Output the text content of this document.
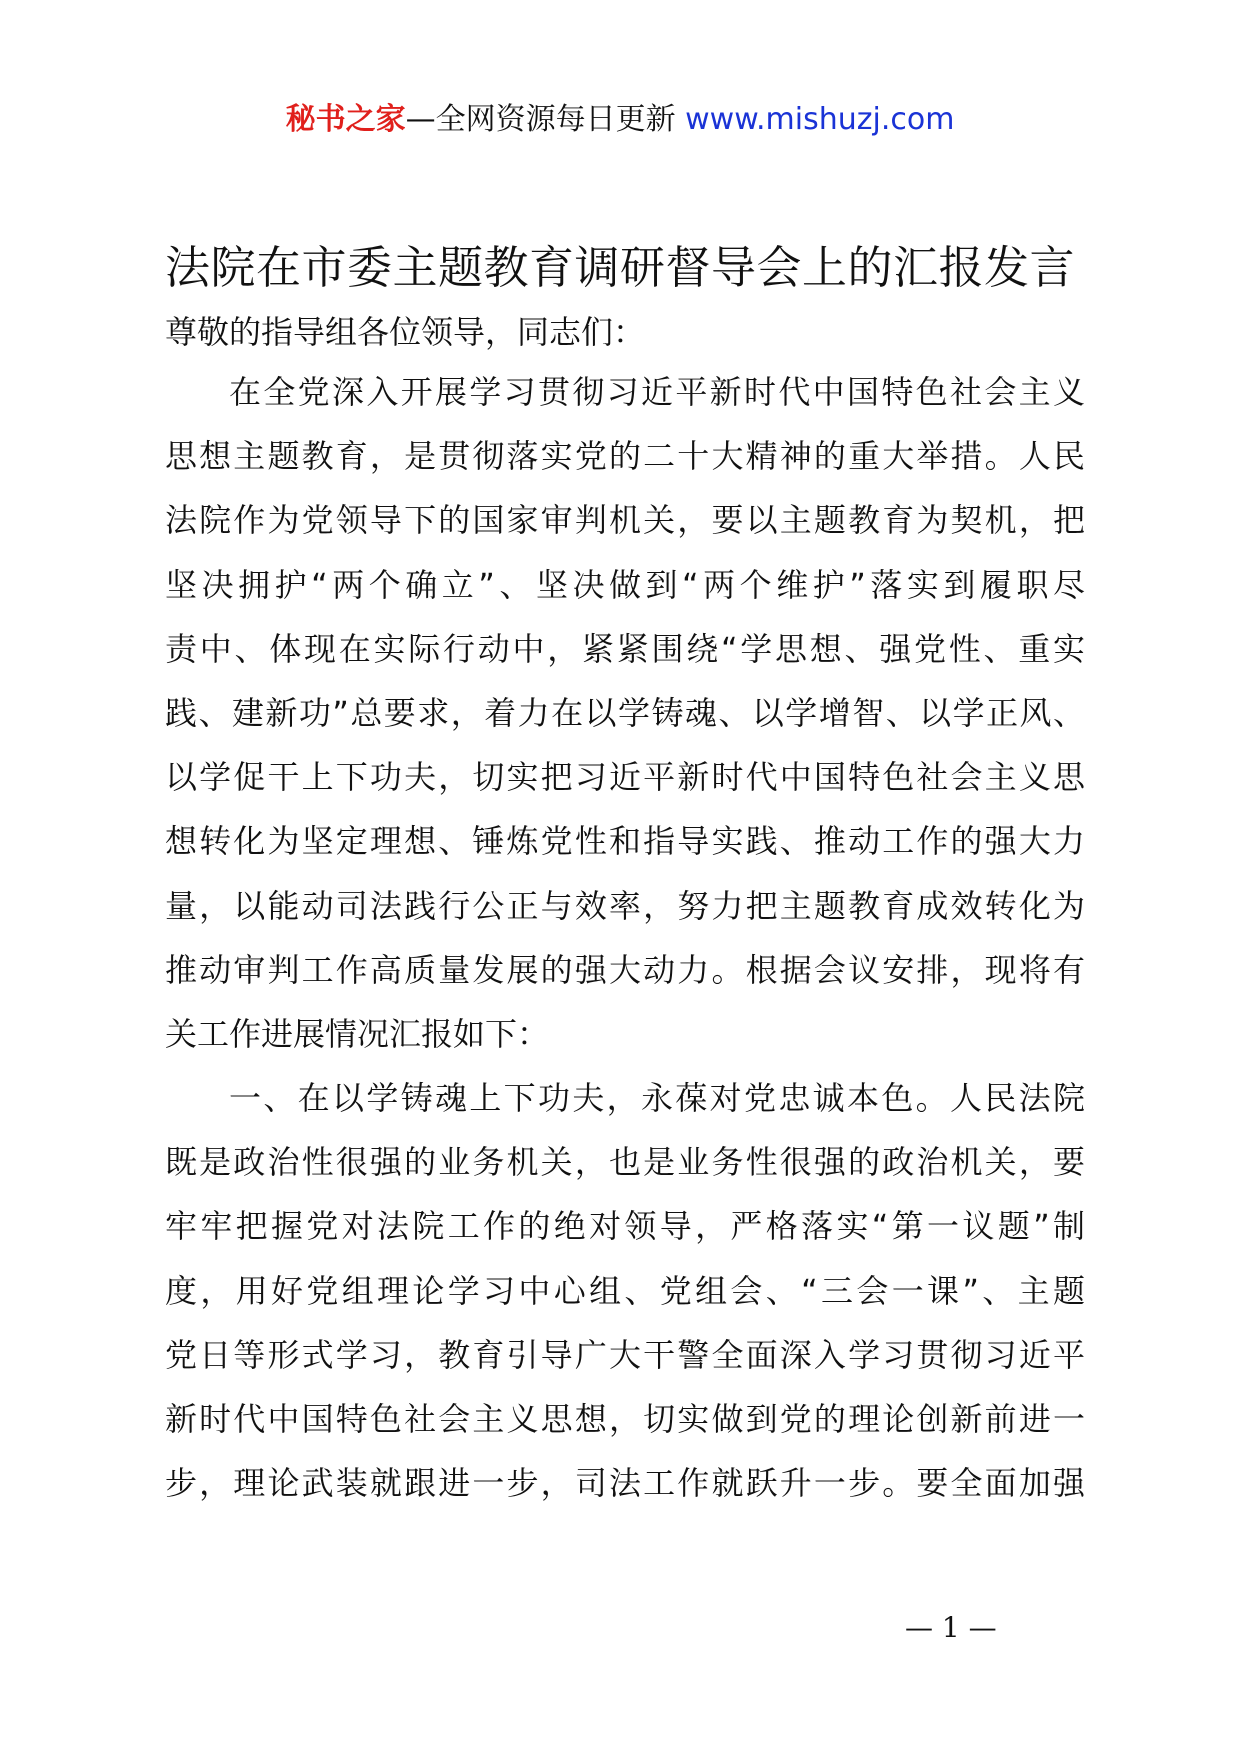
秘书之家—全网资源每日更新 www.mishuzj.com
法院在市委主题教育调研督导会上的汇报发言
尊敬的指导组各位领导，同志们：
在全党深入开展学习贯彻习近平新时代中国特色社会主义
思想主题教育，是贯彻落实党的二十大精神的重大举措。人民
法院作为党领导下的国家审判机关，要以主题教育为契机，把
坚决拥护“两个确立”、坚决做到“两个维护”落实到履职尽
责中、体现在实际行动中，紧紧围绕“学思想、强党性、重实
践、建新功”总要求，着力在以学铸魂、以学增智、以学正风、
以学促干上下功夫，切实把习近平新时代中国特色社会主义思
想转化为坚定理想、锤炼党性和指导实践、推动工作的强大力
量，以能动司法践行公正与效率，努力把主题教育成效转化为
推动审判工作高质量发展的强大动力。根据会议安排，现将有
关工作进展情况汇报如下：
一、在以学铸魂上下功夫，永葆对党忠诚本色。人民法院
既是政治性很强的业务机关，也是业务性很强的政治机关，要
牢牢把握党对法院工作的绝对领导，严格落实“第一议题”制
度，用好党组理论学习中心组、党组会、“三会一课”、主题
党日等形式学习，教育引导广大干警全面深入学习贯彻习近平
新时代中国特色社会主义思想，切实做到党的理论创新前进一
步，理论武装就跟进一步，司法工作就跃升一步。要全面加强
— 1 —
